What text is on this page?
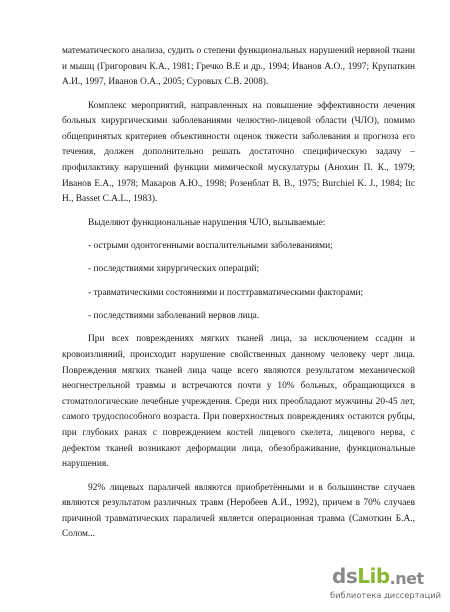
математического анализа, судить о степени функциональных нарушений нервной ткани и мышц (Григорович К.А., 1981; Гречко В.Е и др., 1994; Иванов А.О., 1997; Крупаткин А.И., 1997, Иванов О.А., 2005; Суровых С.В. 2008).

Комплекс мероприятий, направленных на повышение эффективности лечения больных хирургическими заболеваниями челюстно-лицевой области (ЧЛО), помимо общепринятых критериев объективности оценок тяжести заболевания и прогноза его течения, должен дополнительно решать достаточно специфическую задачу – профилактику нарушений функции мимической мускулатуры (Анохин П. К., 1979; Иванов Е.А., 1978; Макаров А.Ю., 1998; Розенблат В. В., 1975; Burchiel K. J., 1984; Itc H., Basset C.A.L., 1983).

Выделяют функциональные нарушения ЧЛО, вызываемые:

- острыми одонтогенными воспалительными заболеваниями;

- последствиями хирургических операций;

- травматическими состояниями и посттравматическими факторами;

- последствиями заболеваний нервов лица.

При всех повреждениях мягких тканей лица, за исключением ссадин и кровоизлияний, происходит нарушение свойственных данному человеку черт лица. Повреждения мягких тканей лица чаще всего являются результатом механической неогнестрельной травмы и встречаются почти у 10% больных, обращающихся в стоматологические лечебные учреждения. Среди них преобладают мужчины 20-45 лет, самого трудоспособного возраста. При поверхностных повреждениях остаются рубцы, при глубоких ранах с повреждением костей лицевого скелета, лицевого нерва, с дефектом тканей возникают деформации лица, обезображивание, функциональные нарушения.

92% лицевых параличей являются приобретёнными и в большинстве случаев являются результатом различных травм (Неробеев А.И., 1992), причем в 70% случаев причиной травматических параличей является операционная травма (Самоткин Б.А., Солом...

ds Lib .net
библиотека диссертаций
